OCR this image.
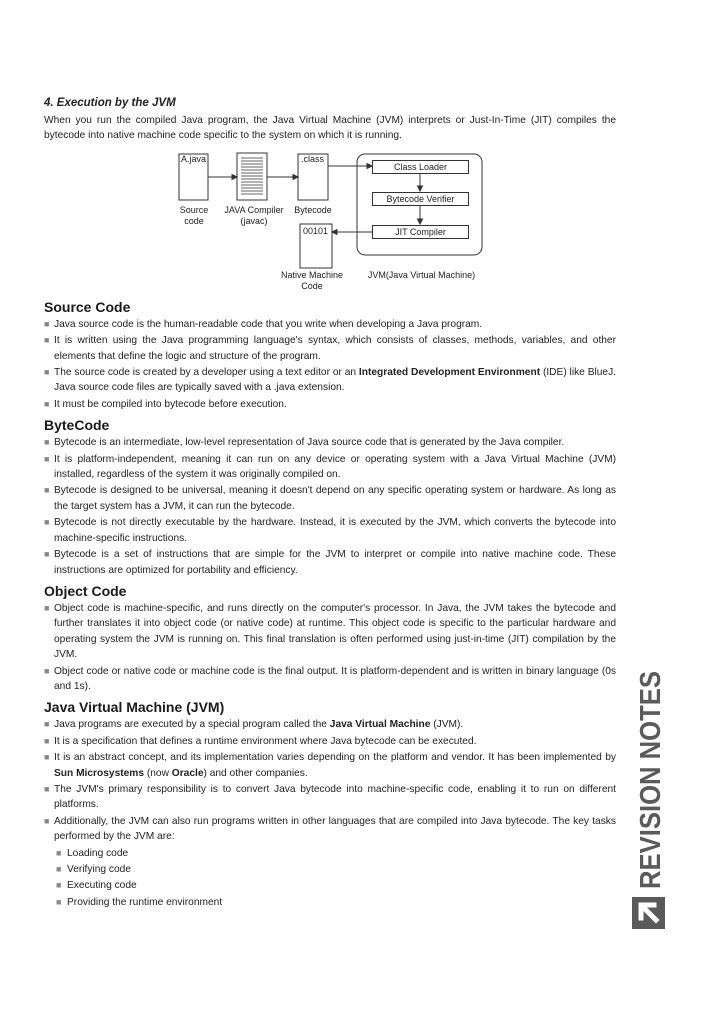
4. Execution by the JVM

When you run the compiled Java program, the Java Virtual Machine (JVM) interprets or Just-In-Time (JIT) compiles the bytecode into native machine code specific to the system on which it is running.

A.java	.class
00101
Class Loader
Bytecode Verifier
JIT Compiler
Source
code
JAVA Compiler
(javac)
Bytecode
Native Machine
Code
JVM(Java Virtual Machine)
Source Code
■ Java source code is the human-readable code that you write when developing a Java program.
■ It is written using the Java programming language's syntax, which consists of classes, methods, variables, and other elements that define the logic and structure of the program.
■ The source code is created by a developer using a text editor or an Integrated Development Environment (IDE) like BlueJ. Java source code files are typically saved with a .java extension.
■ It must be compiled into bytecode before execution.
ByteCode
■ Bytecode is an intermediate, low-level representation of Java source code that is generated by the Java compiler.
■ It is platform-independent, meaning it can run on any device or operating system with a Java Virtual Machine (JVM) installed, regardless of the system it was originally compiled on.
■ Bytecode is designed to be universal, meaning it doesn't depend on any specific operating system or hardware. As long as the target system has a JVM, it can run the bytecode.
■ Bytecode is not directly executable by the hardware. Instead, it is executed by the JVM, which converts the bytecode into machine-specific instructions.
■ Bytecode is a set of instructions that are simple for the JVM to interpret or compile into native machine code. These instructions are optimized for portability and efficiency.
Object Code
■ Object code is machine-specific, and runs directly on the computer's processor. In Java, the JVM takes the bytecode and further translates it into object code (or native code) at runtime. This object code is specific to the particular hardware and operating system the JVM is running on. This final translation is often performed using just-in-time (JIT) compilation by the JVM.
■ Object code or native code or machine code is the final output. It is platform-dependent and is written in binary language (0s and 1s).
Java Virtual Machine (JVM)
■ Java programs are executed by a special program called the Java Virtual Machine (JVM).
■ It is a specification that defines a runtime environment where Java bytecode can be executed.
■ It is an abstract concept, and its implementation varies depending on the platform and vendor. It has been implemented by Sun Microsystems (now Oracle) and other companies.
■ The JVM's primary responsibility is to convert Java bytecode into machine-specific code, enabling it to run on different platforms.
■ Additionally, the JVM can also run programs written in other languages that are compiled into Java bytecode. The key tasks performed by the JVM are:
■ Loading code
■ Verifying code
■ Executing code
■ Providing the runtime environment
REVISION NOTES
